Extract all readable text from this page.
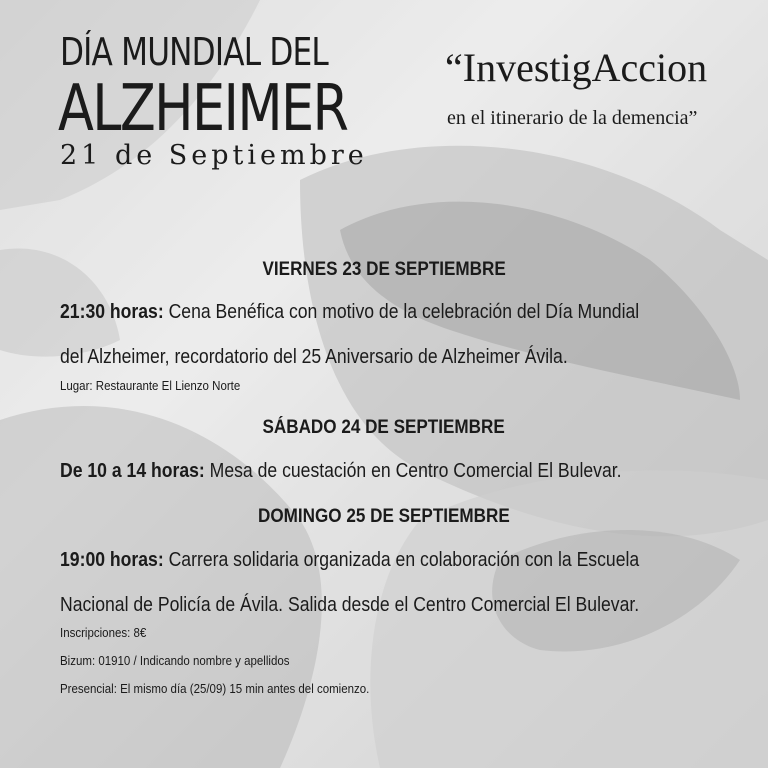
DÍA MUNDIAL DEL
ALZHEIMER
21 de Septiembre
“InvestigAccion
en el itinerario de la demencia”
VIERNES 23 DE SEPTIEMBRE
21:30 horas: Cena Benéfica con motivo de la celebración del Día Mundial
del Alzheimer, recordatorio del 25 Aniversario de Alzheimer Ávila.
Lugar: Restaurante El Lienzo Norte
SÁBADO 24 DE SEPTIEMBRE
De 10 a 14 horas: Mesa de cuestación en Centro Comercial El Bulevar.
DOMINGO 25 DE SEPTIEMBRE
19:00 horas: Carrera solidaria organizada en colaboración con la Escuela
Nacional de Policía de Ávila. Salida desde el Centro Comercial El Bulevar.
Inscripciones: 8€
Bizum: 01910 / Indicando nombre y apellidos
Presencial: El mismo día (25/09) 15 min antes del comienzo.
